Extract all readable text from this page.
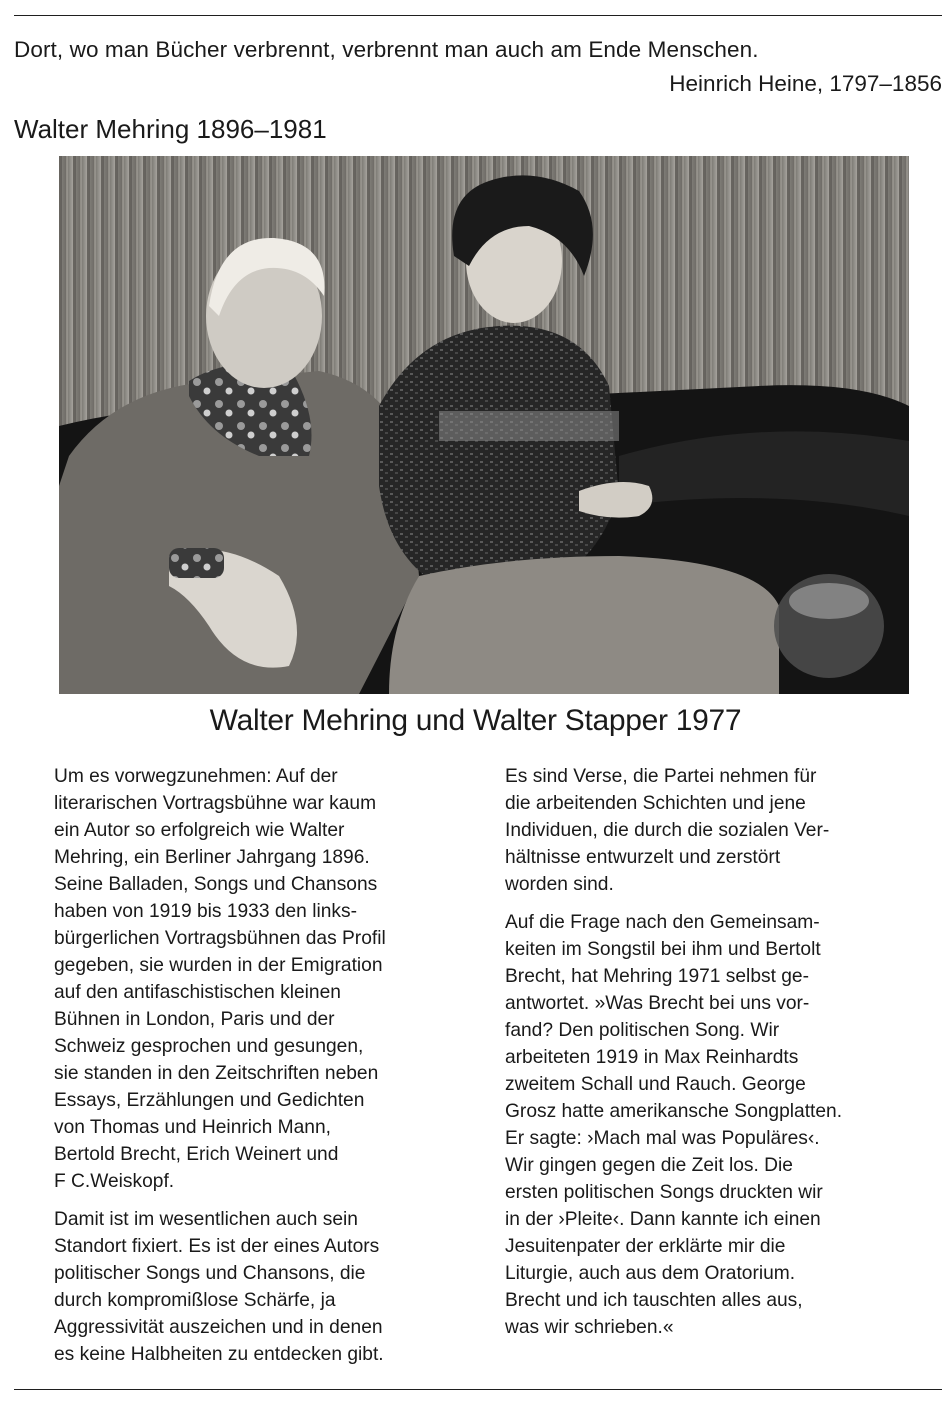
Dort, wo man Bücher verbrennt, verbrennt man auch am Ende Menschen.
Heinrich Heine, 1797–1856
Walter Mehring 1896–1981
Walter Mehring und Walter Stapper 1977

Um es vorwegzunehmen: Auf der
literarischen Vortragsbühne war kaum
ein Autor so erfolgreich wie Walter
Mehring, ein Berliner Jahrgang 1896.
Seine Balladen, Songs und Chansons
haben von 1919 bis 1933 den links-
bürgerlichen Vortragsbühnen das Profil
gegeben, sie wurden in der Emigration
auf den antifaschistischen kleinen
Bühnen in London, Paris und der
Schweiz gesprochen und gesungen,
sie standen in den Zeitschriften neben
Essays, Erzählungen und Gedichten
von Thomas und Heinrich Mann,
Bertold Brecht, Erich Weinert und
F C.Weiskopf.

Damit ist im wesentlichen auch sein
Standort fixiert. Es ist der eines Autors
politischer Songs und Chansons, die
durch kompromißlose Schärfe, ja
Aggressivität auszeichen und in denen
es keine Halbheiten zu entdecken gibt.

Es sind Verse, die Partei nehmen für
die arbeitenden Schichten und jene
Individuen, die durch die sozialen Ver-
hältnisse entwurzelt und zerstört
worden sind.

Auf die Frage nach den Gemeinsam-
keiten im Songstil bei ihm und Bertolt
Brecht, hat Mehring 1971 selbst ge-
antwortet. »Was Brecht bei uns vor-
fand? Den politischen Song. Wir
arbeiteten 1919 in Max Reinhardts
zweitem Schall und Rauch. George
Grosz hatte amerikansche Songplatten.
Er sagte: ›Mach mal was Populäres‹.
Wir gingen gegen die Zeit los. Die
ersten politischen Songs druckten wir
in der ›Pleite‹. Dann kannte ich einen
Jesuitenpater der erklärte mir die
Liturgie, auch aus dem Oratorium.
Brecht und ich tauschten alles aus,
was wir schrieben.«
